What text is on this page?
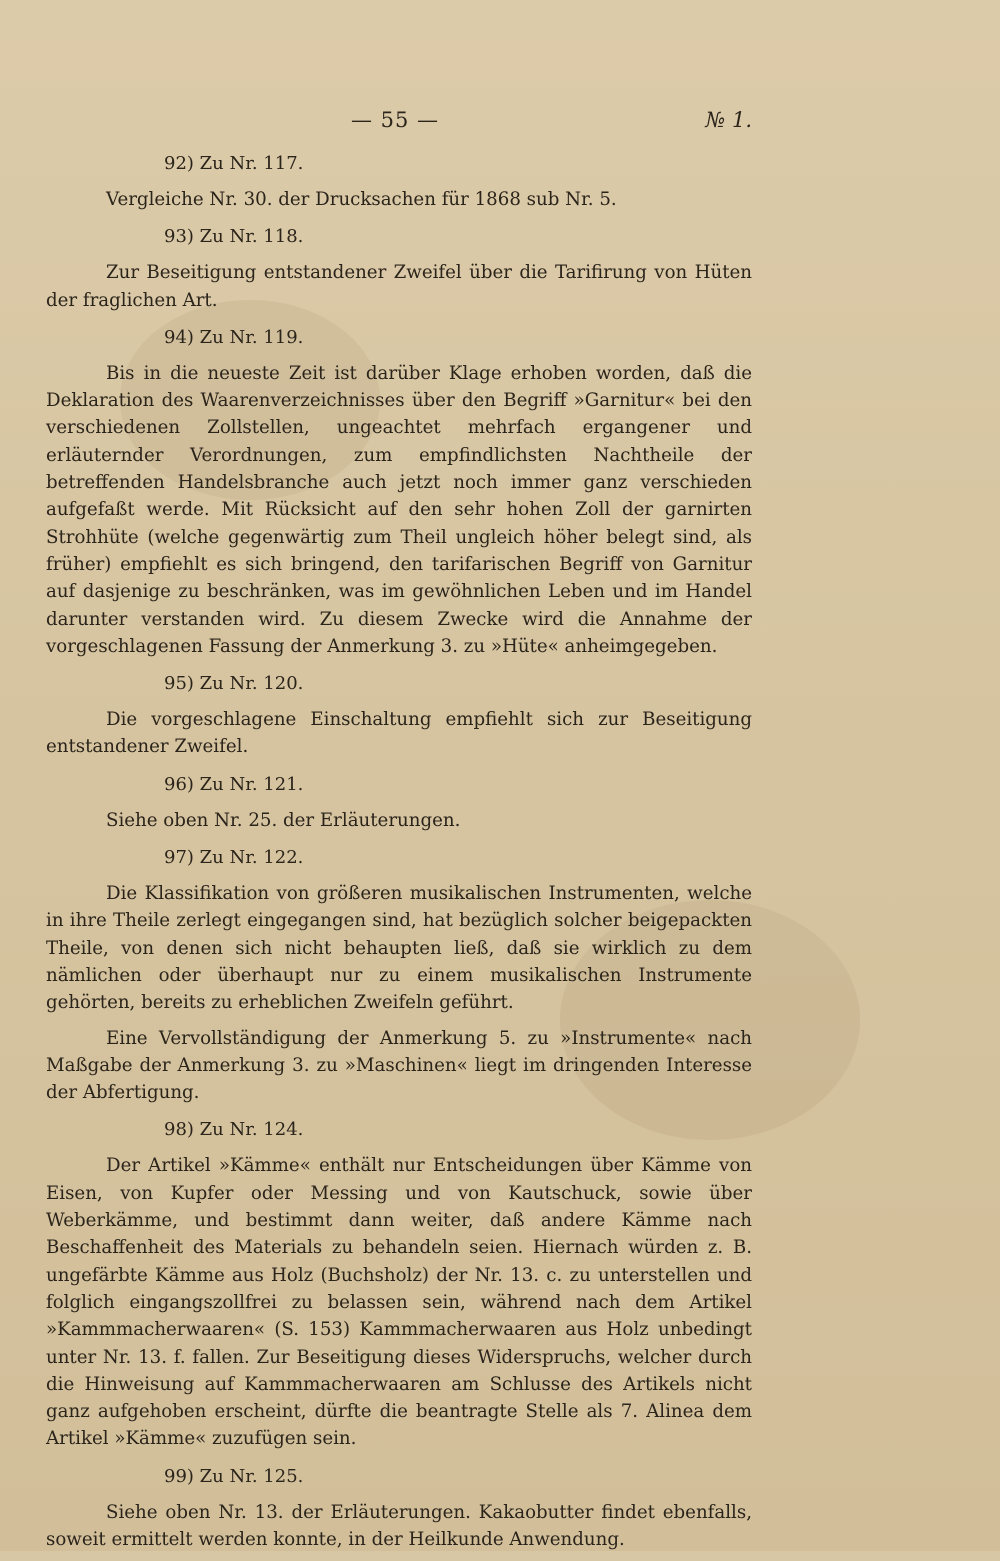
— 55 —	№ 1.

92) Zu Nr. 117.

Vergleiche Nr. 30. der Drucksachen für 1868 sub Nr. 5.

93) Zu Nr. 118.

Zur Beseitigung entstandener Zweifel über die Tarifirung von Hüten der fraglichen Art.

94) Zu Nr. 119.

Bis in die neueste Zeit ist darüber Klage erhoben worden, daß die Deklaration des Waarenverzeichnisses über den Begriff »Garnitur« bei den verschiedenen Zollstellen, ungeachtet mehrfach ergangener und erläuternder Verordnungen, zum empfindlichsten Nachtheile der betreffenden Handelsbranche auch jetzt noch immer ganz verschieden aufgefaßt werde. Mit Rücksicht auf den sehr hohen Zoll der garnirten Strohhüte (welche gegenwärtig zum Theil ungleich höher belegt sind, als früher) empfiehlt es sich bringend, den tarifarischen Begriff von Garnitur auf dasjenige zu beschränken, was im gewöhnlichen Leben und im Handel darunter verstanden wird. Zu diesem Zwecke wird die Annahme der vorgeschlagenen Fassung der Anmerkung 3. zu »Hüte« anheimgegeben.

95) Zu Nr. 120.

Die vorgeschlagene Einschaltung empfiehlt sich zur Beseitigung entstandener Zweifel.

96) Zu Nr. 121.

Siehe oben Nr. 25. der Erläuterungen.

97) Zu Nr. 122.

Die Klassifikation von größeren musikalischen Instrumenten, welche in ihre Theile zerlegt eingegangen sind, hat bezüglich solcher beigepackten Theile, von denen sich nicht behaupten ließ, daß sie wirklich zu dem nämlichen oder überhaupt nur zu einem musikalischen Instrumente gehörten, bereits zu erheblichen Zweifeln geführt.

Eine Vervollständigung der Anmerkung 5. zu »Instrumente« nach Maßgabe der Anmerkung 3. zu »Maschinen« liegt im dringenden Interesse der Abfertigung.

98) Zu Nr. 124.

Der Artikel »Kämme« enthält nur Entscheidungen über Kämme von Eisen, von Kupfer oder Messing und von Kautschuck, sowie über Weberkämme, und bestimmt dann weiter, daß andere Kämme nach Beschaffenheit des Materials zu behandeln seien. Hiernach würden z. B. ungefärbte Kämme aus Holz (Buchsholz) der Nr. 13. c. zu unterstellen und folglich eingangszollfrei zu belassen sein, während nach dem Artikel »Kammmacherwaaren« (S. 153) Kammmacherwaaren aus Holz unbedingt unter Nr. 13. f. fallen. Zur Beseitigung dieses Widerspruchs, welcher durch die Hinweisung auf Kammmacherwaaren am Schlusse des Artikels nicht ganz aufgehoben erscheint, dürfte die beantragte Stelle als 7. Alinea dem Artikel »Kämme« zuzufügen sein.

99) Zu Nr. 125.

Siehe oben Nr. 13. der Erläuterungen. Kakaobutter findet ebenfalls, soweit ermittelt werden konnte, in der Heilkunde Anwendung.
